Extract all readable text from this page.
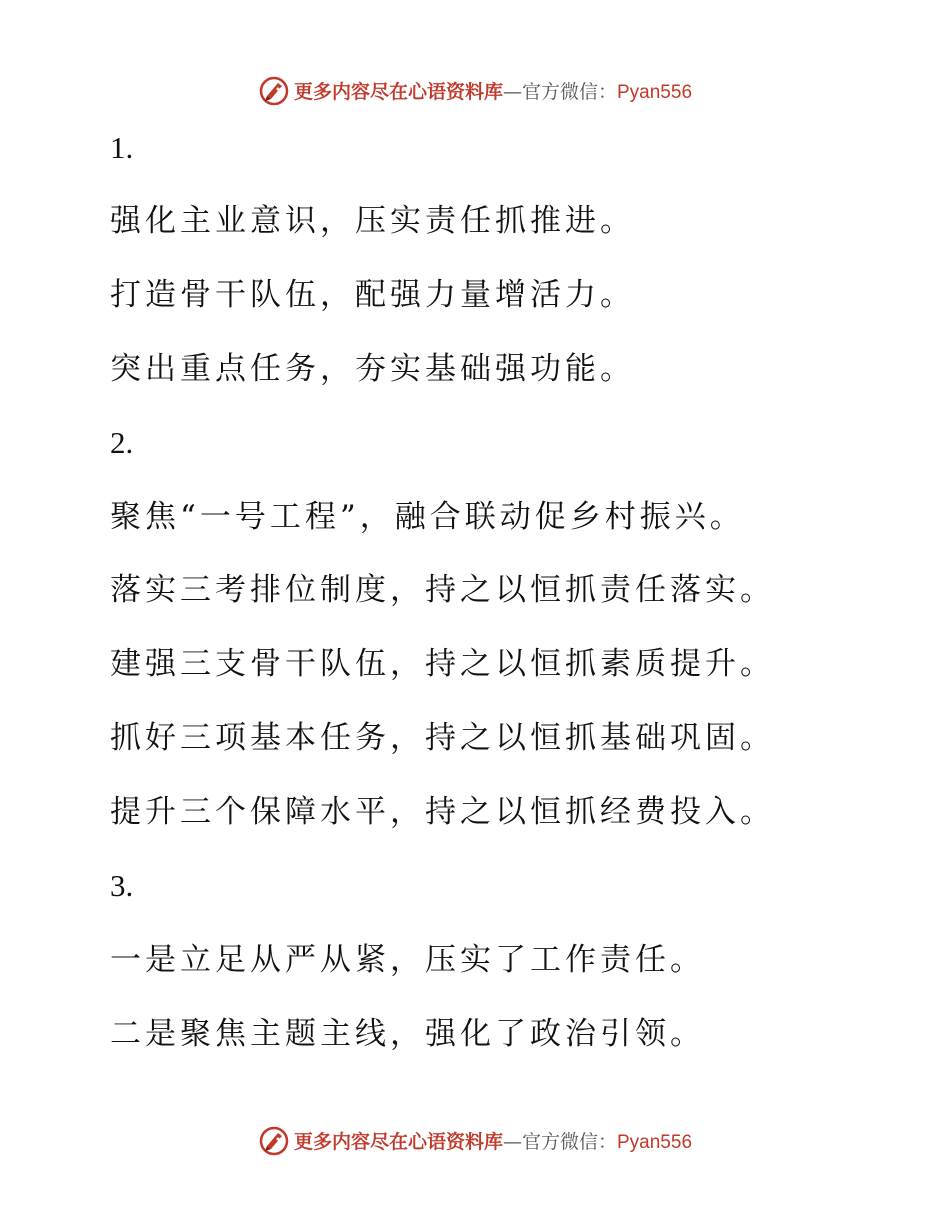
更多内容尽在心语资料库—官方微信：Pyan556
1.
强化主业意识，压实责任抓推进。
打造骨干队伍，配强力量增活力。
突出重点任务，夯实基础强功能。
2.
聚焦“一号工程”，融合联动促乡村振兴。
落实三考排位制度，持之以恒抓责任落实。
建强三支骨干队伍，持之以恒抓素质提升。
抓好三项基本任务，持之以恒抓基础巩固。
提升三个保障水平，持之以恒抓经费投入。
3.
一是立足从严从紧，压实了工作责任。
二是聚焦主题主线，强化了政治引领。
更多内容尽在心语资料库—官方微信：Pyan556
